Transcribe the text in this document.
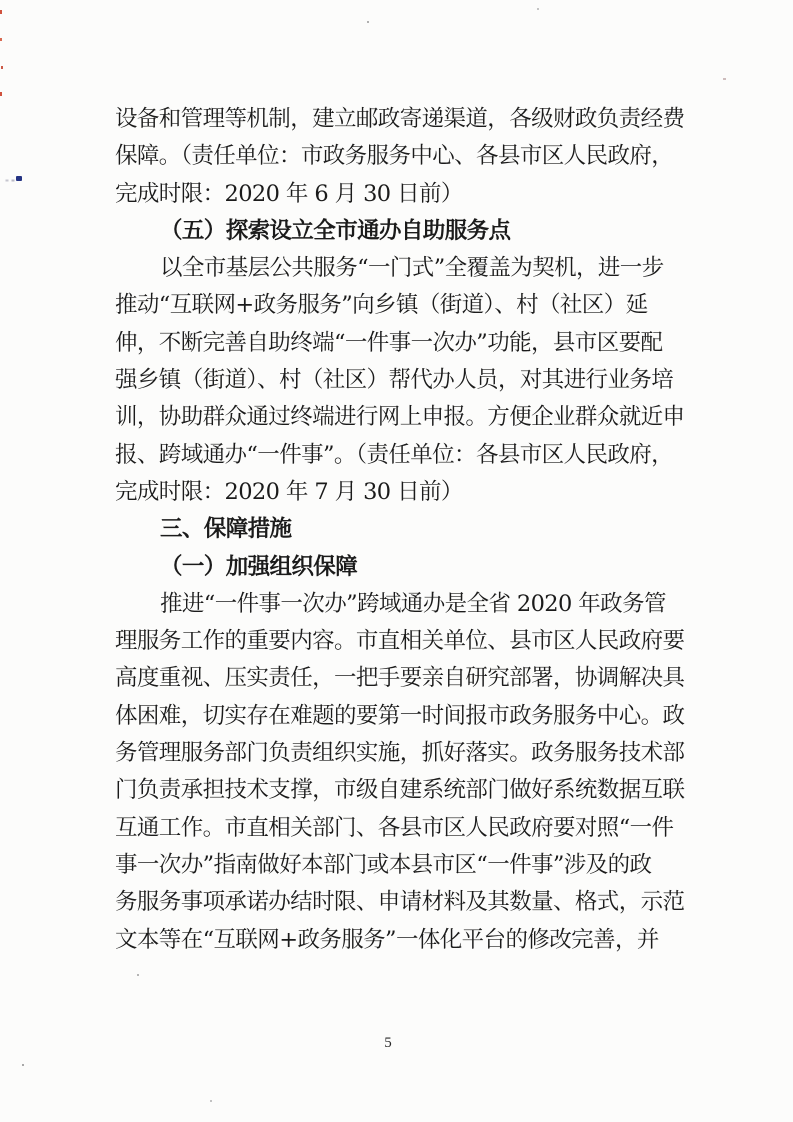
设备和管理等机制，建立邮政寄递渠道，各级财政负责经费
保障。（责任单位：市政务服务中心、各县市区人民政府，
完成时限：2020 年 6 月 30 日前）
（五）探索设立全市通办自助服务点
以全市基层公共服务“一门式”全覆盖为契机，进一步
推动“互联网+政务服务”向乡镇（街道）、村（社区）延
伸，不断完善自助终端“一件事一次办”功能，县市区要配
强乡镇（街道）、村（社区）帮代办人员，对其进行业务培
训，协助群众通过终端进行网上申报。方便企业群众就近申
报、跨域通办“一件事”。（责任单位：各县市区人民政府，
完成时限：2020 年 7 月 30 日前）
三、保障措施
（一）加强组织保障
推进“一件事一次办”跨域通办是全省 2020 年政务管
理服务工作的重要内容。市直相关单位、县市区人民政府要
高度重视、压实责任，一把手要亲自研究部署，协调解决具
体困难，切实存在难题的要第一时间报市政务服务中心。政
务管理服务部门负责组织实施，抓好落实。政务服务技术部
门负责承担技术支撑，市级自建系统部门做好系统数据互联
互通工作。市直相关部门、各县市区人民政府要对照“一件
事一次办”指南做好本部门或本县市区“一件事”涉及的政
务服务事项承诺办结时限、申请材料及其数量、格式，示范
文本等在“互联网+政务服务”一体化平台的修改完善，并
5
